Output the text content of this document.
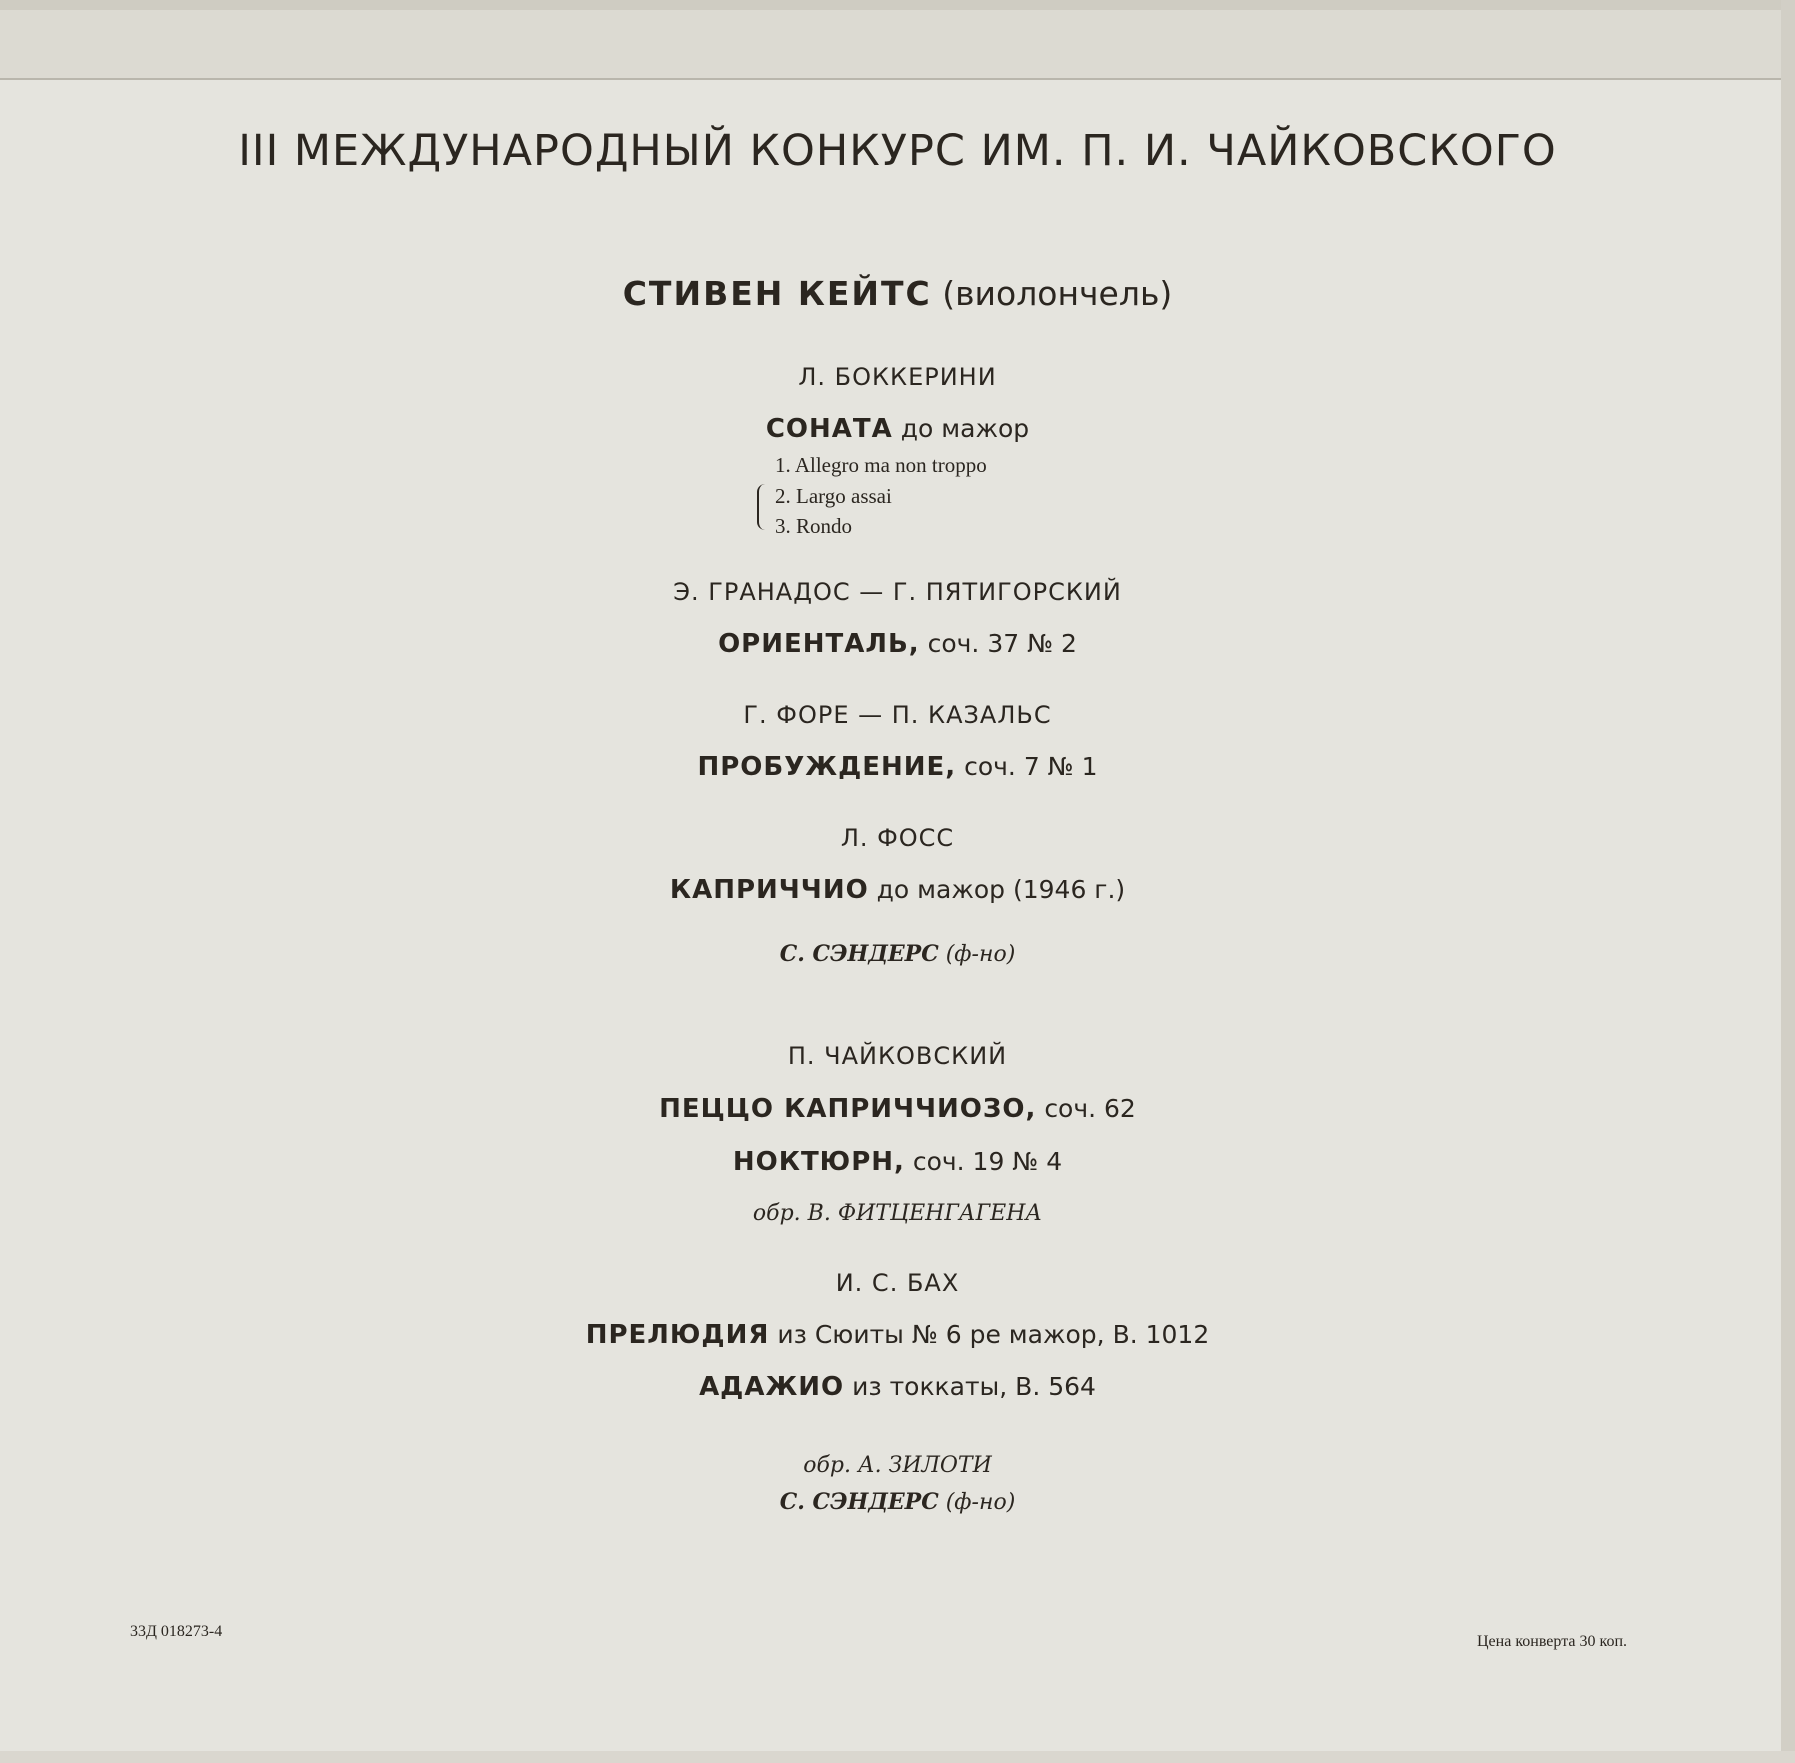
III МЕЖДУНАРОДНЫЙ КОНКУРС ИМ. П. И. ЧАЙКОВСКОГО
СТИВЕН КЕЙТС (виолончель)
Л. БОККЕРИНИ
СОНАТА до мажор
1. Allegro ma non troppo
2. Largo assai
3. Rondo
Э. ГРАНАДОС — Г. ПЯТИГОРСКИЙ
ОРИЕНТАЛЬ, соч. 37 № 2
Г. ФОРЕ — П. КАЗАЛЬС
ПРОБУЖДЕНИЕ, соч. 7 № 1
Л. ФОСС
КАПРИЧЧИО до мажор (1946 г.)
С. СЭНДЕРС (ф-но)
П. ЧАЙКОВСКИЙ
ПЕЦЦО КАПРИЧЧИОЗО, соч. 62
НОКТЮРН, соч. 19 № 4
обр. В. ФИТЦЕНГАГЕНА
И. С. БАХ
ПРЕЛЮДИЯ из Сюиты № 6 ре мажор, B. 1012
АДАЖИО из токкаты, B. 564
обр. А. ЗИЛОТИ
С. СЭНДЕРС (ф-но)
33Д 018273-4
Цена конверта 30 коп.
